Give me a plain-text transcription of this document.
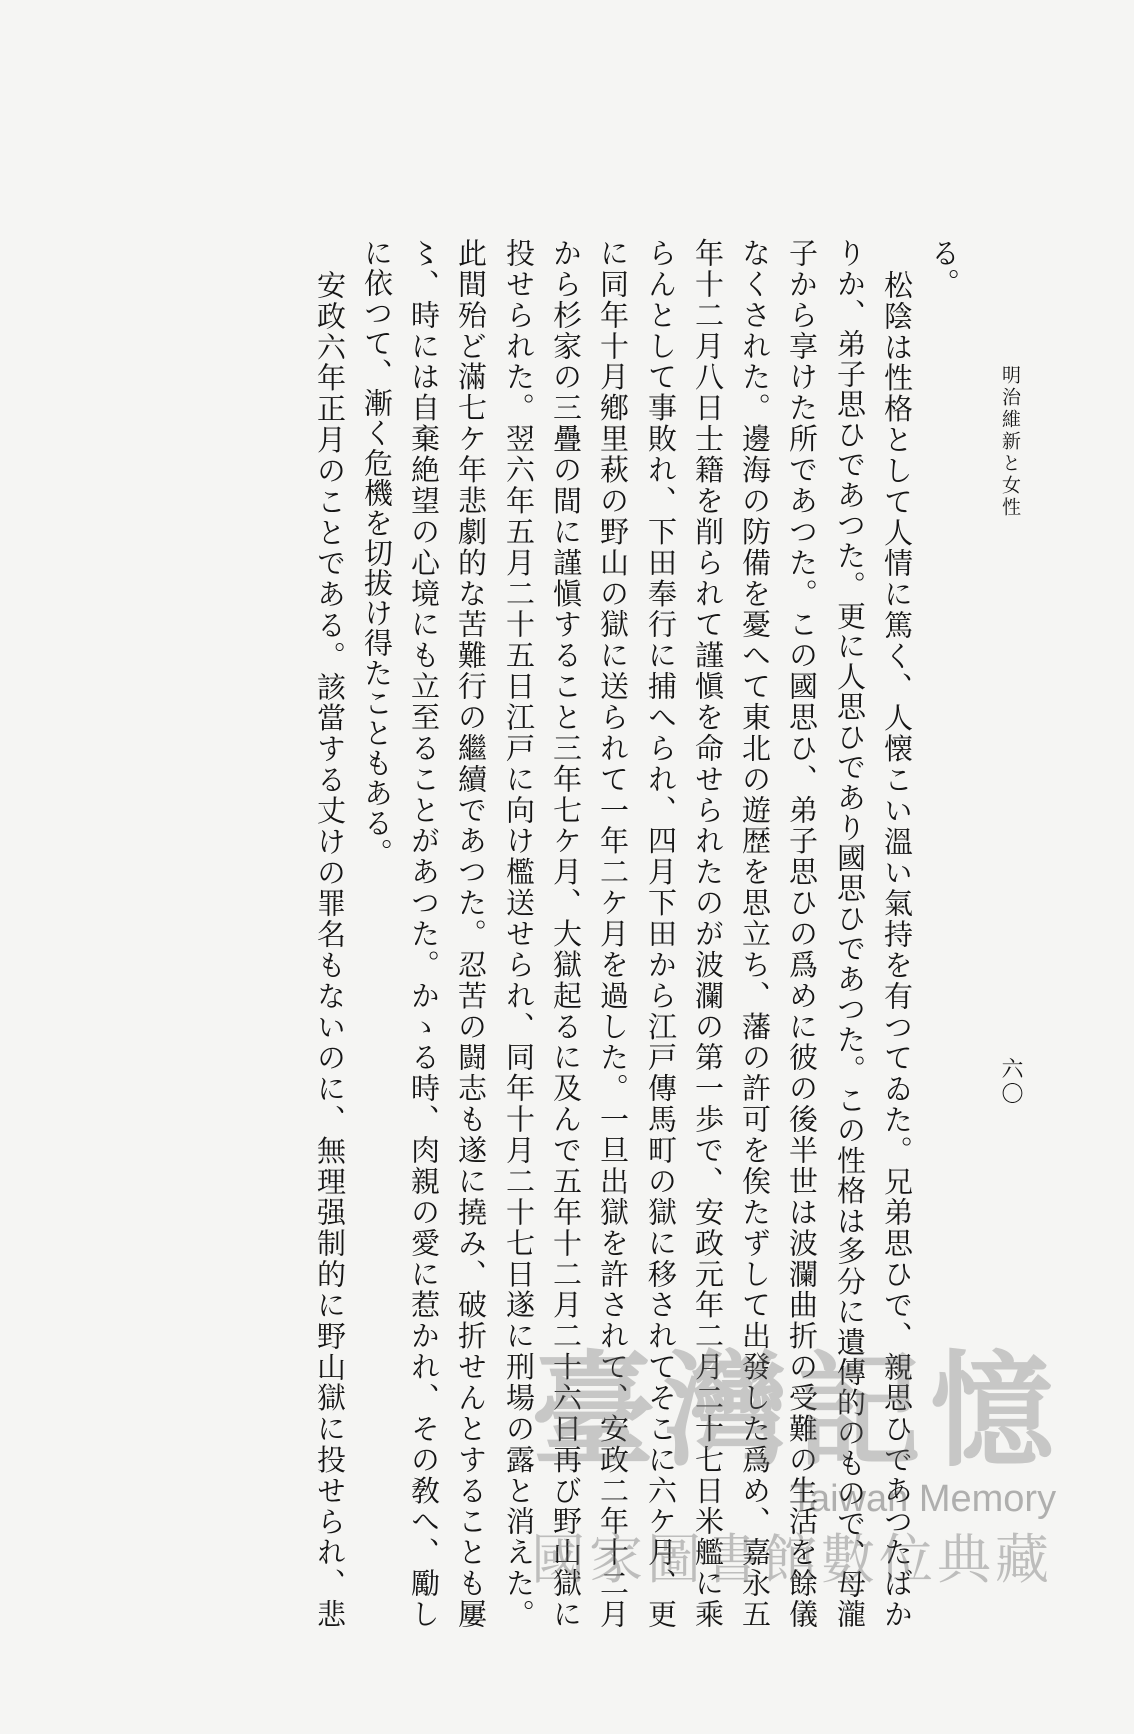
明治維新と女性
六〇
る。
松陰は性格として人情に篤く、人懐こい溫い氣持を有つてゐた。兄弟思ひで、親思ひであつたばか
りか、弟子思ひであつた。更に人思ひであり國思ひであつた。この性格は多分に遺傳的のもので、母瀧
子から享けた所であつた。この國思ひ、弟子思ひの爲めに彼の後半世は波瀾曲折の受難の生活を餘儀
なくされた。邊海の防備を憂へて東北の遊歴を思立ち、藩の許可を俟たずして出發した爲め、嘉永五
年十二月八日士籍を削られて謹愼を命せられたのが波瀾の第一歩で、安政元年二月二十七日米艦に乘
らんとして事敗れ、下田奉行に捕へられ、四月下田から江戸傳馬町の獄に移されてそこに六ケ月、更
に同年十月鄕里萩の野山の獄に送られて一年二ケ月を過した。一旦出獄を許されて、安政二年十二月
から杉家の三疊の間に謹愼すること三年七ケ月、大獄起るに及んで五年十二月二十六日再び野山獄に
投せられた。翌六年五月二十五日江戸に向け檻送せられ、同年十月二十七日遂に刑場の露と消えた。
此間殆ど滿七ケ年悲劇的な苦難行の繼續であつた。忍苦の闘志も遂に撓み、破折せんとすることも屢
〻、時には自棄絶望の心境にも立至ることがあつた。かゝる時、肉親の愛に惹かれ、その敎へ、勵し
に依つて、漸く危機を切拔け得たこともある。
安政六年正月のことである。該當する丈けの罪名もないのに、無理强制的に野山獄に投せられ、悲 臺灣記憶
Taiwan Memory
國家圖書館數位典藏
